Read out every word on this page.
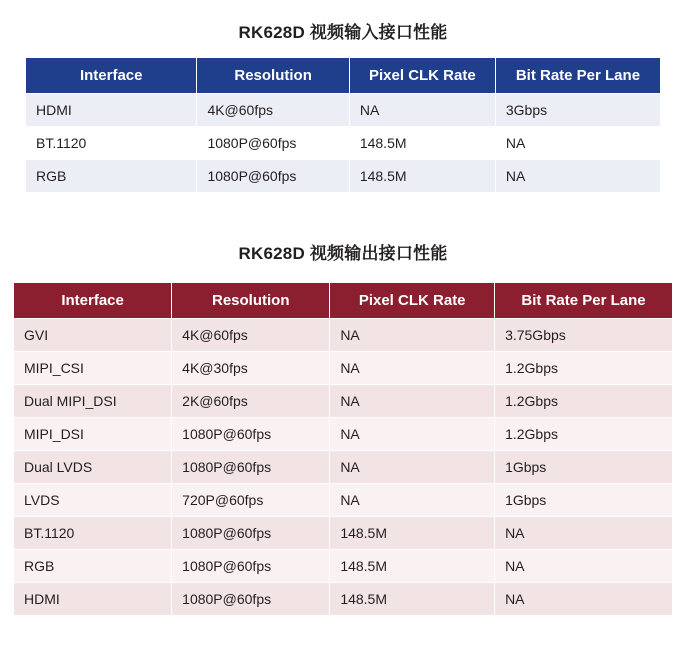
RK628D 视频输入接口性能
Interface	Resolution	Pixel CLK Rate	Bit Rate Per Lane
HDMI	4K@60fps	NA	3Gbps
BT.1120	1080P@60fps	148.5M	NA
RGB	1080P@60fps	148.5M	NA
RK628D 视频输出接口性能
Interface	Resolution	Pixel CLK Rate	Bit Rate Per Lane
GVI	4K@60fps	NA	3.75Gbps
MIPI_CSI	4K@30fps	NA	1.2Gbps
Dual MIPI_DSI	2K@60fps	NA	1.2Gbps
MIPI_DSI	1080P@60fps	NA	1.2Gbps
Dual LVDS	1080P@60fps	NA	1Gbps
LVDS	720P@60fps	NA	1Gbps
BT.1120	1080P@60fps	148.5M	NA
RGB	1080P@60fps	148.5M	NA
HDMI	1080P@60fps	148.5M	NA
